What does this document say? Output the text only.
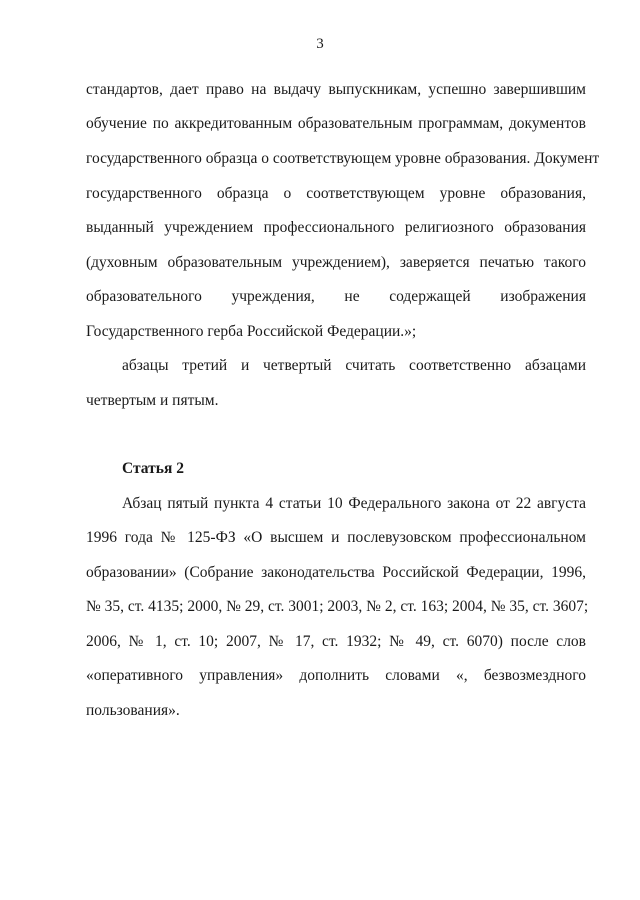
3
стандартов, дает право на выдачу выпускникам, успешно завершившим
обучение по аккредитованным образовательным программам, документов
государственного образца о соответствующем уровне образования. Документ
государственного образца о соответствующем уровне образования,
выданный учреждением профессионального религиозного образования
(духовным образовательным учреждением), заверяется печатью такого
образовательного учреждения, не содержащей изображения
Государственного герба Российской Федерации.»;
абзацы третий и четвертый считать соответственно абзацами
четвертым и пятым.
Статья 2
Абзац пятый пункта 4 статьи 10 Федерального закона от 22 августа
1996 года № 125-ФЗ «О высшем и послевузовском профессиональном
образовании» (Собрание законодательства Российской Федерации, 1996,
№ 35, ст. 4135; 2000, № 29, ст. 3001; 2003, № 2, ст. 163; 2004, № 35, ст. 3607;
2006, № 1, ст. 10; 2007, № 17, ст. 1932; № 49, ст. 6070) после слов
«оперативного управления» дополнить словами «, безвозмездного
пользования».
